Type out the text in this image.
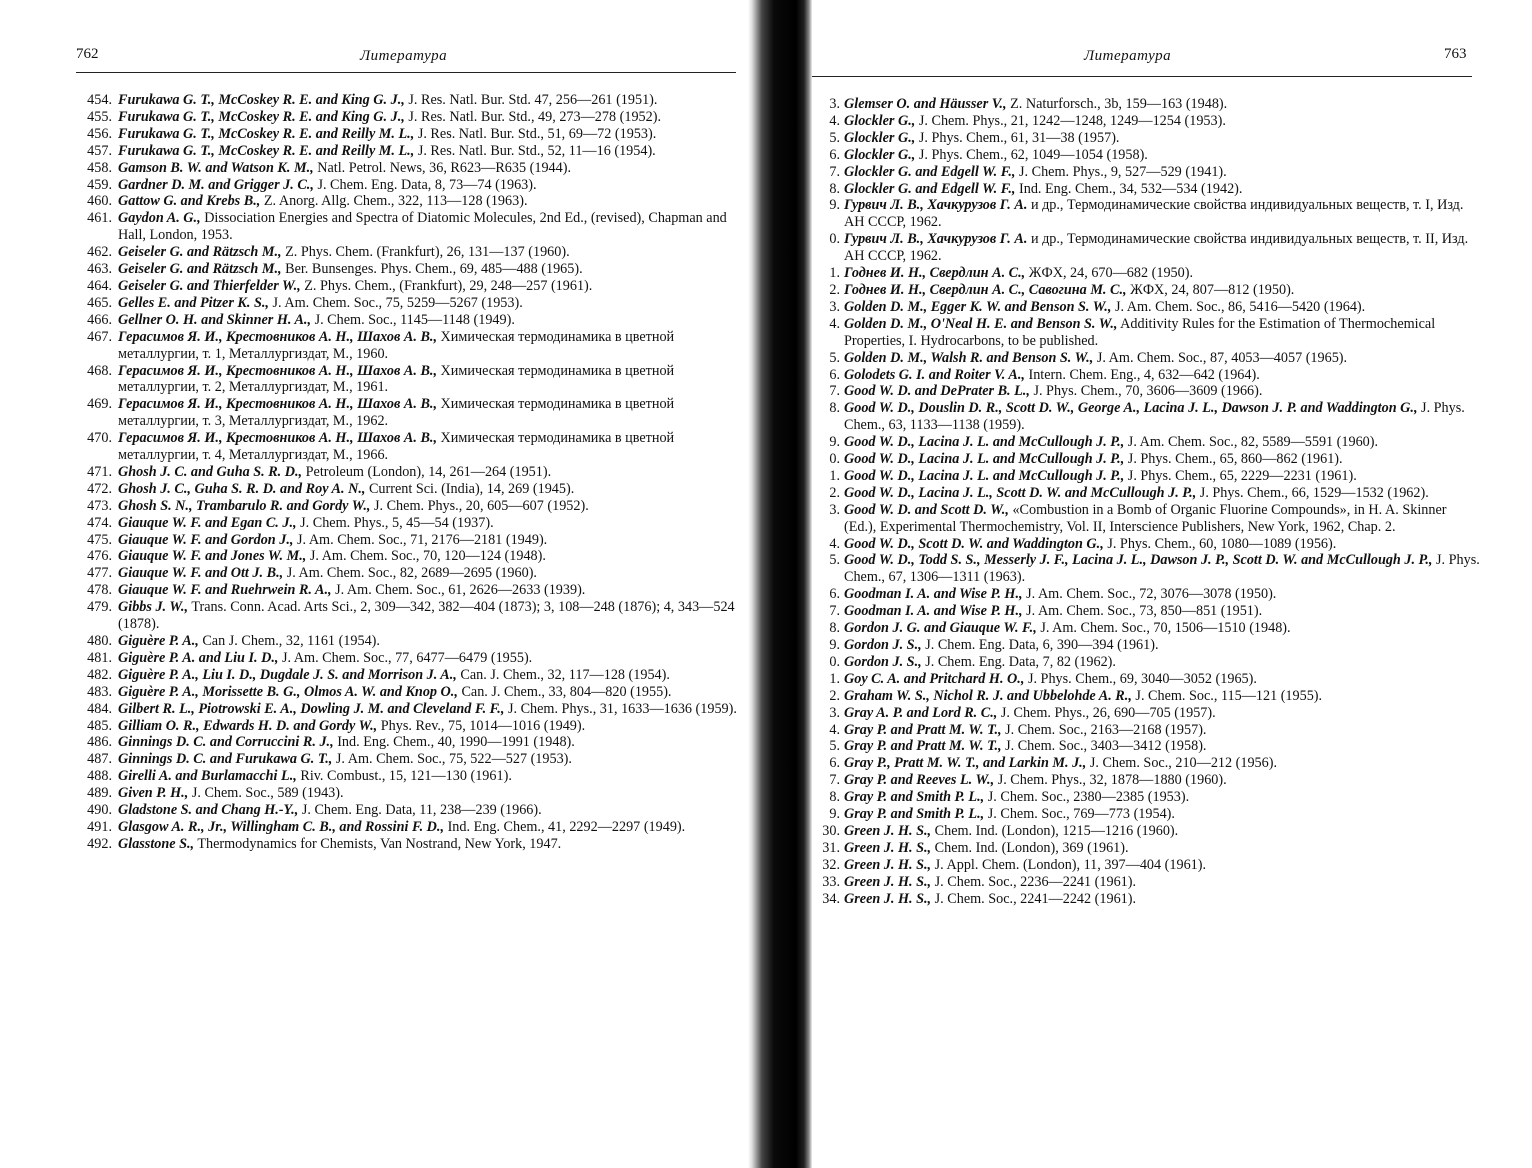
762	Литература
454. Furukawa G. T., McCoskey R. E. and King G. J., J. Res. Natl. Bur. Std. 47, 256—261 (1951).
455. Furukawa G. T., McCoskey R. E. and King G. J., J. Res. Natl. Bur. Std., 49, 273—278 (1952).
456. Furukawa G. T., McCoskey R. E. and Reilly M. L., J. Res. Natl. Bur. Std., 51, 69—72 (1953).
457. Furukawa G. T., McCoskey R. E. and Reilly M. L., J. Res. Natl. Bur. Std., 52, 11—16 (1954).
458. Gamson B. W. and Watson K. M., Natl. Petrol. News, 36, R623—R635 (1944).
459. Gardner D. M. and Grigger J. C., J. Chem. Eng. Data, 8, 73—74 (1963).
460. Gattow G. and Krebs B., Z. Anorg. Allg. Chem., 322, 113—128 (1963).
461. Gaydon A. G., Dissociation Energies and Spectra of Diatomic Molecules, 2nd Ed., (revised), Chapman and Hall, London, 1953.
462. Geiseler G. and Rätzsch M., Z. Phys. Chem. (Frankfurt), 26, 131—137 (1960).
463. Geiseler G. and Rätzsch M., Ber. Bunsenges. Phys. Chem., 69, 485—488 (1965).
464. Geiseler G. and Thierfelder W., Z. Phys. Chem., (Frankfurt), 29, 248—257 (1961).
465. Gelles E. and Pitzer K. S., J. Am. Chem. Soc., 75, 5259—5267 (1953).
466. Gellner O. H. and Skinner H. A., J. Chem. Soc., 1145—1148 (1949).
467. Герасимов Я. И., Крестовников А. Н., Шахов А. В., Химическая термодинамика в цветной металлургии, т. 1, Металлургиздат, М., 1960.
468. Герасимов Я. И., Крестовников А. Н., Шахов А. В., Химическая термодинамика в цветной металлургии, т. 2, Металлургиздат, М., 1961.
469. Герасимов Я. И., Крестовников А. Н., Шахов А. В., Химическая термодинамика в цветной металлургии, т. 3, Металлургиздат, М., 1962.
470. Герасимов Я. И., Крестовников А. Н., Шахов А. В., Химическая термодинамика в цветной металлургии, т. 4, Металлургиздат, М., 1966.
471. Ghosh J. C. and Guha S. R. D., Petroleum (London), 14, 261—264 (1951).
472. Ghosh J. C., Guha S. R. D. and Roy A. N., Current Sci. (India), 14, 269 (1945).
473. Ghosh S. N., Trambarulo R. and Gordy W., J. Chem. Phys., 20, 605—607 (1952).
474. Giauque W. F. and Egan C. J., J. Chem. Phys., 5, 45—54 (1937).
475. Giauque W. F. and Gordon J., J. Am. Chem. Soc., 71, 2176—2181 (1949).
476. Giauque W. F. and Jones W. M., J. Am. Chem. Soc., 70, 120—124 (1948).
477. Giauque W. F. and Ott J. B., J. Am. Chem. Soc., 82, 2689—2695 (1960).
478. Giauque W. F. and Ruehrwein R. A., J. Am. Chem. Soc., 61, 2626—2633 (1939).
479. Gibbs J. W., Trans. Conn. Acad. Arts Sci., 2, 309—342, 382—404 (1873); 3, 108—248 (1876); 4, 343—524 (1878).
480. Giguère P. A., Can J. Chem., 32, 1161 (1954).
481. Giguère P. A. and Liu I. D., J. Am. Chem. Soc., 77, 6477—6479 (1955).
482. Giguère P. A., Liu I. D., Dugdale J. S. and Morrison J. A., Can. J. Chem., 32, 117—128 (1954).
483. Giguère P. A., Morissette B. G., Olmos A. W. and Knop O., Can. J. Chem., 33, 804—820 (1955).
484. Gilbert R. L., Piotrowski E. A., Dowling J. M. and Cleveland F. F., J. Chem. Phys., 31, 1633—1636 (1959).
485. Gilliam O. R., Edwards H. D. and Gordy W., Phys. Rev., 75, 1014—1016 (1949).
486. Ginnings D. C. and Corruccini R. J., Ind. Eng. Chem., 40, 1990—1991 (1948).
487. Ginnings D. C. and Furukawa G. T., J. Am. Chem. Soc., 75, 522—527 (1953).
488. Girelli A. and Burlamacchi L., Riv. Combust., 15, 121—130 (1961).
489. Given P. H., J. Chem. Soc., 589 (1943).
490. Gladstone S. and Chang H.-Y., J. Chem. Eng. Data, 11, 238—239 (1966).
491. Glasgow A. R., Jr., Willingham C. B., and Rossini F. D., Ind. Eng. Chem., 41, 2292—2297 (1949).
492. Glasstone S., Thermodynamics for Chemists, Van Nostrand, New York, 1947.
Литература	763
3. Glemser O. and Häusser V., Z. Naturforsch., 3b, 159—163 (1948).
4. Glockler G., J. Chem. Phys., 21, 1242—1248, 1249—1254 (1953).
5. Glockler G., J. Phys. Chem., 61, 31—38 (1957).
6. Glockler G., J. Phys. Chem., 62, 1049—1054 (1958).
7. Glockler G. and Edgell W. F., J. Chem. Phys., 9, 527—529 (1941).
8. Glockler G. and Edgell W. F., Ind. Eng. Chem., 34, 532—534 (1942).
9. Гурвич Л. В., Хачкурузов Г. А. и др., Термодинамические свойства индивидуальных веществ, т. I, Изд. АН СССР, 1962.
0. Гурвич Л. В., Хачкурузов Г. А. и др., Термодинамические свойства индивидуальных веществ, т. II, Изд. АН СССР, 1962.
1. Годнев И. Н., Свердлин А. С., ЖФХ, 24, 670—682 (1950).
2. Годнев И. Н., Свердлин А. С., Савогина М. С., ЖФХ, 24, 807—812 (1950).
3. Golden D. M., Egger K. W. and Benson S. W., J. Am. Chem. Soc., 86, 5416—5420 (1964).
4. Golden D. M., O'Neal H. E. and Benson S. W., Additivity Rules for the Estimation of Thermochemical Properties, I. Hydrocarbons, to be published.
5. Golden D. M., Walsh R. and Benson S. W., J. Am. Chem. Soc., 87, 4053—4057 (1965).
6. Golodets G. I. and Roiter V. A., Intern. Chem. Eng., 4, 632—642 (1964).
7. Good W. D. and DePrater B. L., J. Phys. Chem., 70, 3606—3609 (1966).
8. Good W. D., Douslin D. R., Scott D. W., George A., Lacina J. L., Dawson J. P. and Waddington G., J. Phys. Chem., 63, 1133—1138 (1959).
9. Good W. D., Lacina J. L. and McCullough J. P., J. Am. Chem. Soc., 82, 5589—5591 (1960).
0. Good W. D., Lacina J. L. and McCullough J. P., J. Phys. Chem., 65, 860—862 (1961).
1. Good W. D., Lacina J. L. and McCullough J. P., J. Phys. Chem., 65, 2229—2231 (1961).
2. Good W. D., Lacina J. L., Scott D. W. and McCullough J. P., J. Phys. Chem., 66, 1529—1532 (1962).
3. Good W. D. and Scott D. W., «Combustion in a Bomb of Organic Fluorine Compounds», in H. A. Skinner (Ed.), Experimental Thermochemistry, Vol. II, Interscience Publishers, New York, 1962, Chap. 2.
4. Good W. D., Scott D. W. and Waddington G., J. Phys. Chem., 60, 1080—1089 (1956).
5. Good W. D., Todd S. S., Messerly J. F., Lacina J. L., Dawson J. P., Scott D. W. and McCullough J. P., J. Phys. Chem., 67, 1306—1311 (1963).
6. Goodman I. A. and Wise P. H., J. Am. Chem. Soc., 72, 3076—3078 (1950).
7. Goodman I. A. and Wise P. H., J. Am. Chem. Soc., 73, 850—851 (1951).
8. Gordon J. G. and Giauque W. F., J. Am. Chem. Soc., 70, 1506—1510 (1948).
9. Gordon J. S., J. Chem. Eng. Data, 6, 390—394 (1961).
0. Gordon J. S., J. Chem. Eng. Data, 7, 82 (1962).
1. Goy C. A. and Pritchard H. O., J. Phys. Chem., 69, 3040—3052 (1965).
2. Graham W. S., Nichol R. J. and Ubbelohde A. R., J. Chem. Soc., 115—121 (1955).
3. Gray A. P. and Lord R. C., J. Chem. Phys., 26, 690—705 (1957).
4. Gray P. and Pratt M. W. T., J. Chem. Soc., 2163—2168 (1957).
5. Gray P. and Pratt M. W. T., J. Chem. Soc., 3403—3412 (1958).
6. Gray P., Pratt M. W. T., and Larkin M. J., J. Chem. Soc., 210—212 (1956).
7. Gray P. and Reeves L. W., J. Chem. Phys., 32, 1878—1880 (1960).
8. Gray P. and Smith P. L., J. Chem. Soc., 2380—2385 (1953).
9. Gray P. and Smith P. L., J. Chem. Soc., 769—773 (1954).
30. Green J. H. S., Chem. Ind. (London), 1215—1216 (1960).
31. Green J. H. S., Chem. Ind. (London), 369 (1961).
32. Green J. H. S., J. Appl. Chem. (London), 11, 397—404 (1961).
33. Green J. H. S., J. Chem. Soc., 2236—2241 (1961).
34. Green J. H. S., J. Chem. Soc., 2241—2242 (1961).
